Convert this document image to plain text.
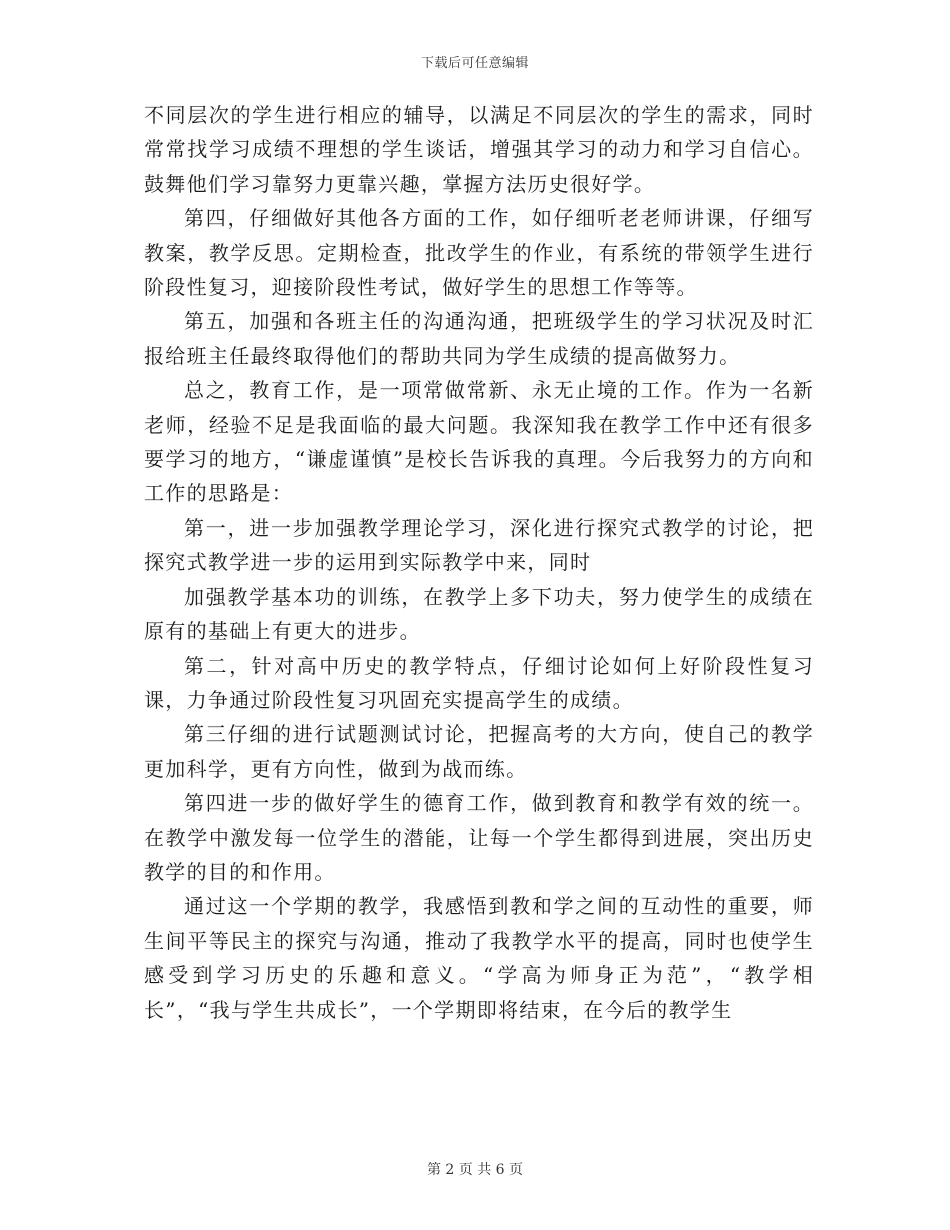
下载后可任意编辑

不同层次的学生进行相应的辅导，以满足不同层次的学生的需求，同时常常找学习成绩不理想的学生谈话，增强其学习的动力和学习自信心。鼓舞他们学习靠努力更靠兴趣，掌握方法历史很好学。

第四，仔细做好其他各方面的工作，如仔细听老老师讲课，仔细写教案，教学反思。定期检查，批改学生的作业，有系统的带领学生进行阶段性复习，迎接阶段性考试，做好学生的思想工作等等。

第五，加强和各班主任的沟通沟通，把班级学生的学习状况及时汇报给班主任最终取得他们的帮助共同为学生成绩的提高做努力。

总之，教育工作，是一项常做常新、永无止境的工作。作为一名新老师，经验不足是我面临的最大问题。我深知我在教学工作中还有很多要学习的地方，“谦虚谨慎”是校长告诉我的真理。今后我努力的方向和工作的思路是：

第一，进一步加强教学理论学习，深化进行探究式教学的讨论，把探究式教学进一步的运用到实际教学中来，同时

加强教学基本功的训练，在教学上多下功夫，努力使学生的成绩在原有的基础上有更大的进步。

第二，针对高中历史的教学特点，仔细讨论如何上好阶段性复习课，力争通过阶段性复习巩固充实提高学生的成绩。

第三仔细的进行试题测试讨论，把握高考的大方向，使自己的教学更加科学，更有方向性，做到为战而练。

第四进一步的做好学生的德育工作，做到教育和教学有效的统一。在教学中激发每一位学生的潜能，让每一个学生都得到进展，突出历史教学的目的和作用。

通过这一个学期的教学，我感悟到教和学之间的互动性的重要，师生间平等民主的探究与沟通，推动了我教学水平的提高，同时也使学生感受到学习历史的乐趣和意义。“学高为师身正为范”，“教学相长”，“我与学生共成长”，一个学期即将结束，在今后的教学生

第 2 页 共 6 页
